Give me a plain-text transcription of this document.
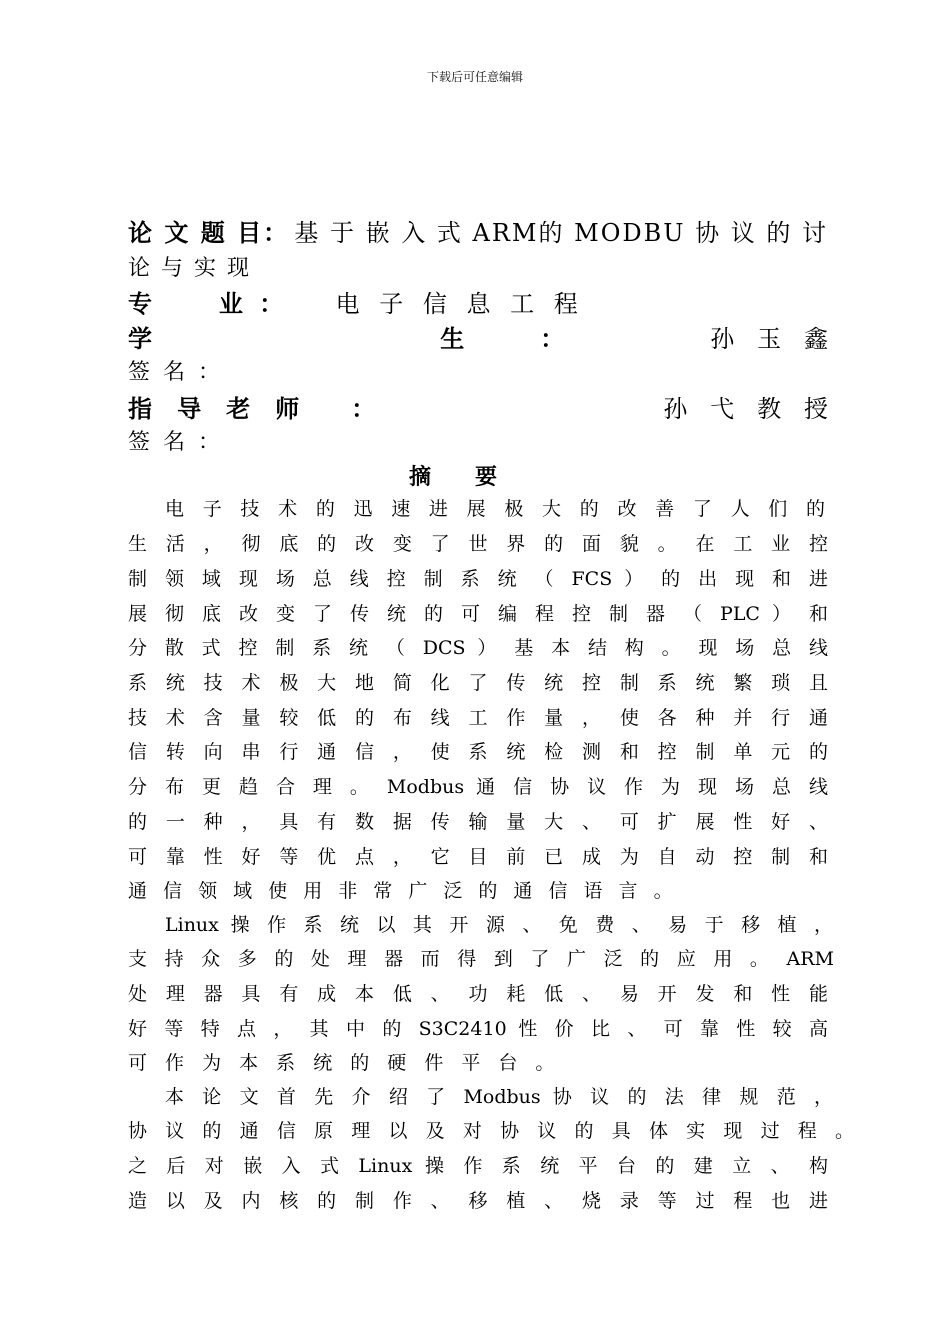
下载后可任意编辑
论 文 题 目 ： 基 于 嵌 入 式 ARM的 MODBU 协 议 的 讨
论 与 实 现
专        业 ： 电 子 信 息 工 程
学	生	：	孙   玉   鑫
签 名 ：
指   导   老   师 ：	孙   弋   教   授
签 名 ：
摘要
电 子 技 术 的 迅 速 进 展 极 大 的 改 善 了 人 们 的
生 活 ， 彻 底 的 改 变 了 世 界 的 面 貌 。 在 工 业 控
制 领 域 现 场 总 线 控 制 系 统 （ FCS ） 的 出 现 和 进
展 彻 底 改 变 了 传 统 的 可 编 程 控 制 器 （ PLC ） 和
分 散 式 控 制 系 统 （ DCS ） 基 本 结 构 。 现 场 总 线
系 统 技 术 极 大 地 简 化 了 传 统 控 制 系 统 繁 琐 且
技 术 含 量 较 低 的 布 线 工 作 量 ， 使 各 种 并 行 通
信 转 向 串 行 通 信 ， 使 系 统 检 测 和 控 制 单 元 的
分 布 更 趋 合 理 。 Modbus 通 信 协 议 作 为 现 场 总 线
的 一 种 ， 具 有 数 据 传 输 量 大 、 可 扩 展 性 好 、
可 靠 性 好 等 优 点 ， 它 目 前 已 成 为 自 动 控 制 和
通 信 领 域 使 用 非 常 广 泛 的 通 信 语 言 。
Linux 操 作 系 统 以 其 开 源 、 免 费 、 易 于 移 植 ，
支 持 众 多 的 处 理 器 而 得 到 了 广 泛 的 应 用 。 ARM
处 理 器 具 有 成 本 低 、 功 耗 低 、 易 开 发 和 性 能
好 等 特 点 ， 其 中 的 S3C2410 性 价 比 、 可 靠 性 较 高
可 作 为 本 系 统 的 硬 件 平 台 。
本 论 文 首 先 介 绍 了 Modbus 协 议 的 法 律 规 范 ，
协 议 的 通 信 原 理 以 及 对 协 议 的 具 体 实 现 过 程 。
之 后 对 嵌 入 式 Linux 操 作 系 统 平 台 的 建 立 、 构
造 以 及 内 核 的 制 作 、 移 植 、 烧 录 等 过 程 也 进
